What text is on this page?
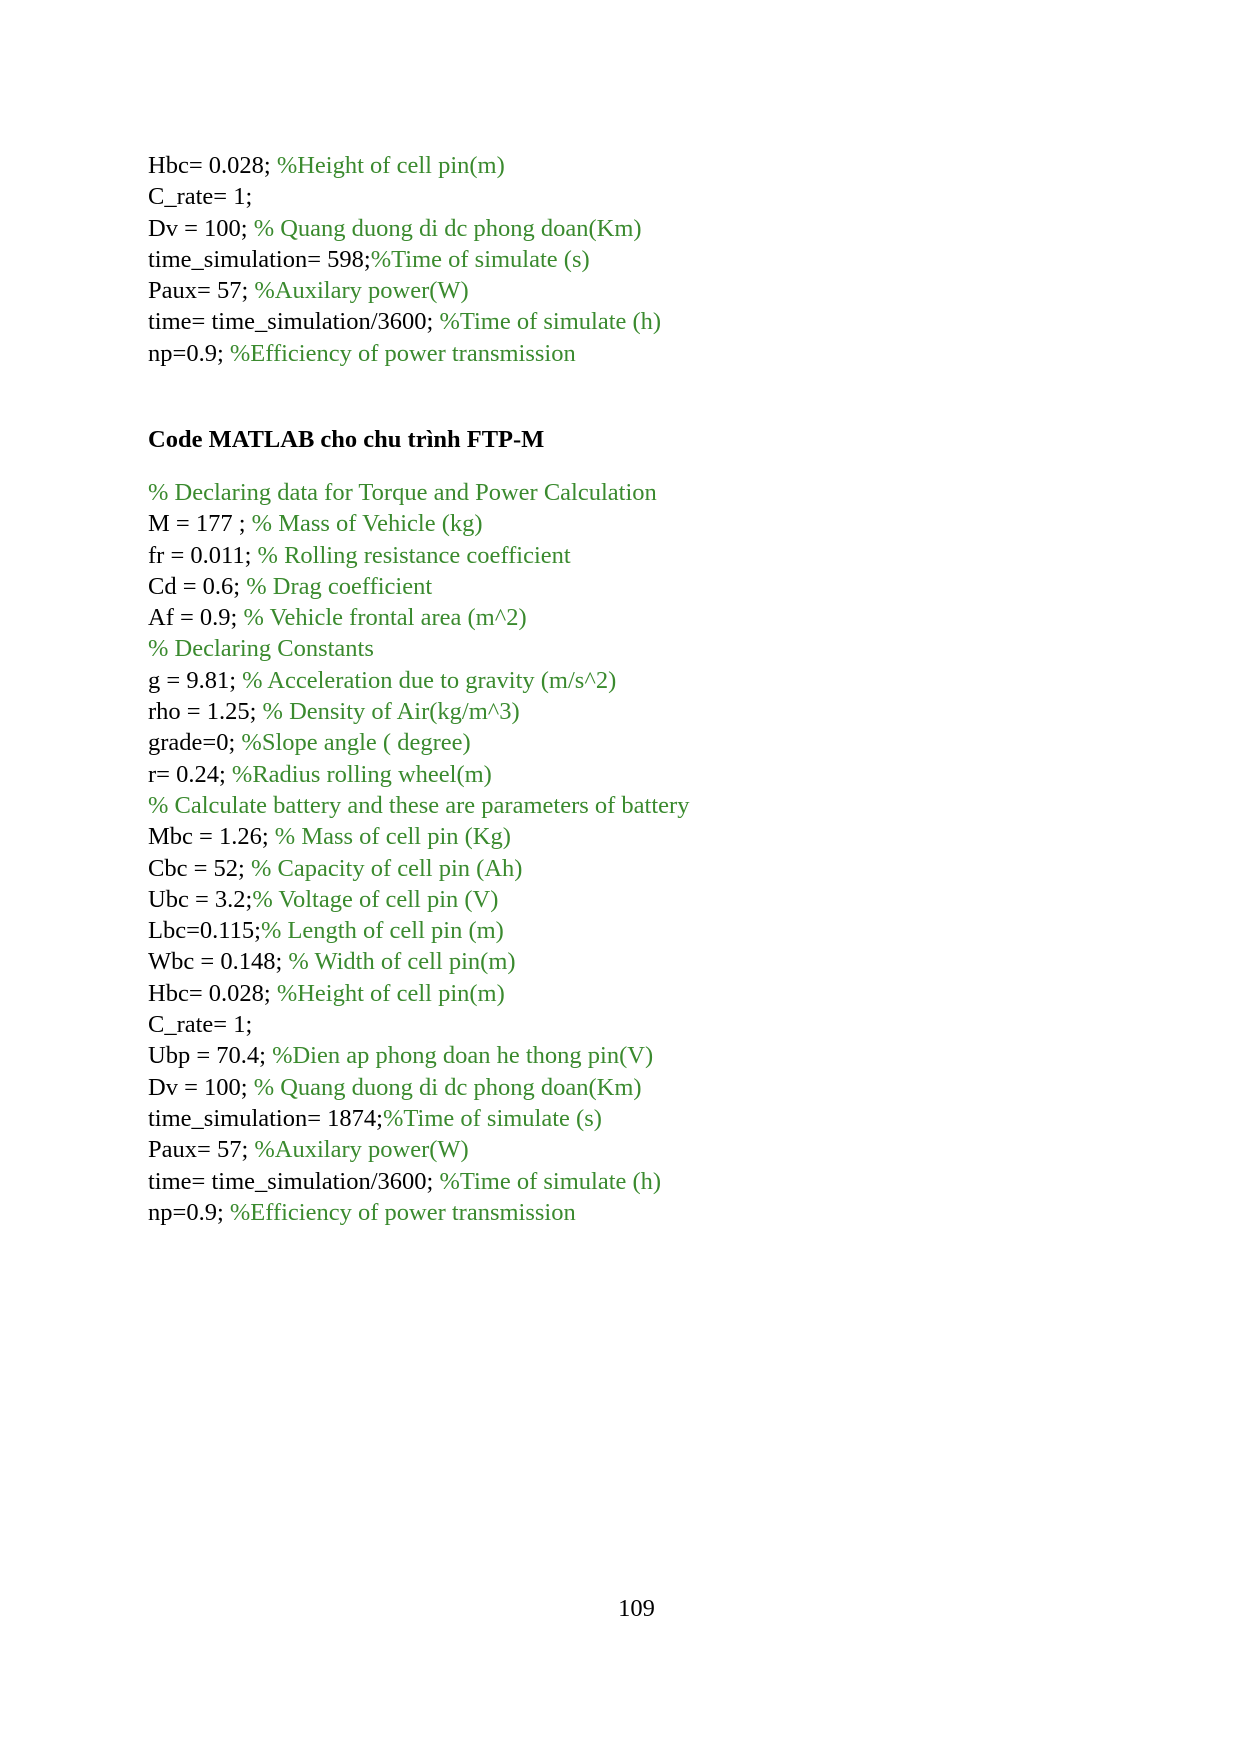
Hbc= 0.028; %Height of cell pin(m)
C_rate= 1;
Dv = 100; % Quang duong di dc phong doan(Km)
time_simulation= 598;%Time of simulate (s)
Paux= 57; %Auxilary power(W)
time= time_simulation/3600; %Time of simulate (h)
np=0.9; %Efficiency of power transmission
Code MATLAB cho chu trình FTP-M
% Declaring data for Torque and Power Calculation
M = 177 ; % Mass of Vehicle (kg)
fr = 0.011; % Rolling resistance coefficient
Cd = 0.6; % Drag coefficient
Af = 0.9; % Vehicle frontal area (m^2)
% Declaring Constants
g = 9.81; % Acceleration due to gravity (m/s^2)
rho = 1.25; % Density of Air(kg/m^3)
grade=0; %Slope angle ( degree)
r= 0.24; %Radius rolling wheel(m)
% Calculate battery and these are parameters of battery
Mbc = 1.26; % Mass of cell pin (Kg)
Cbc = 52; % Capacity of cell pin (Ah)
Ubc = 3.2;% Voltage of cell pin (V)
Lbc=0.115;% Length of cell pin (m)
Wbc = 0.148; % Width of cell pin(m)
Hbc= 0.028; %Height of cell pin(m)
C_rate= 1;
Ubp = 70.4; %Dien ap phong doan he thong pin(V)
Dv = 100; % Quang duong di dc phong doan(Km)
time_simulation= 1874;%Time of simulate (s)
Paux= 57; %Auxilary power(W)
time= time_simulation/3600; %Time of simulate (h)
np=0.9; %Efficiency of power transmission
109
